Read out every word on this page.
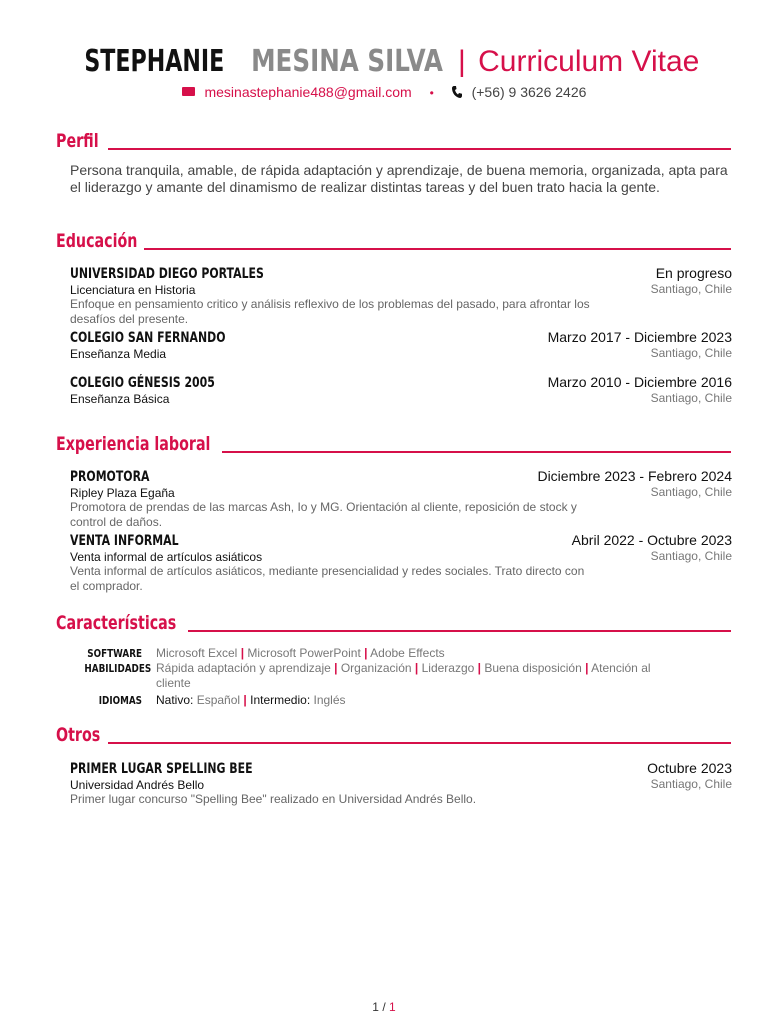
STEPHANIE MESINA SILVA | Curriculum Vitae
mesinastephanie488@gmail.com •	(+56) 9 3626 2426
Perfil
Persona tranquila, amable, de rápida adaptación y aprendizaje, de buena memoria, organizada, apta para el liderazgo y amante del dinamismo de realizar distintas tareas y del buen trato hacia la gente.
Educación
UNIVERSIDAD DIEGO PORTALES	En progreso
Licenciatura en Historia	Santiago, Chile
Enfoque en pensamiento critico y análisis reflexivo de los problemas del pasado, para afrontar los desafíos del presente.
COLEGIO SAN FERNANDO	Marzo 2017 - Diciembre 2023
Enseñanza Media	Santiago, Chile
COLEGIO GÉNESIS 2005	Marzo 2010 - Diciembre 2016
Enseñanza Básica	Santiago, Chile
Experiencia laboral
PROMOTORA	Diciembre 2023 - Febrero 2024
Ripley Plaza Egaña	Santiago, Chile
Promotora de prendas de las marcas Ash, Io y MG. Orientación al cliente, reposición de stock y control de daños.
VENTA INFORMAL	Abril 2022 - Octubre 2023
Venta informal de artículos asiáticos	Santiago, Chile
Venta informal de artículos asiáticos, mediante presencialidad y redes sociales. Trato directo con el comprador.
Características
SOFTWARE Microsoft Excel | Microsoft PowerPoint | Adobe Effects
HABILIDADES Rápida adaptación y aprendizaje | Organización | Liderazgo | Buena disposición | Atención al cliente
IDIOMAS Nativo: Español | Intermedio: Inglés
Otros
PRIMER LUGAR SPELLING BEE	Octubre 2023
Universidad Andrés Bello	Santiago, Chile
Primer lugar concurso "Spelling Bee" realizado en Universidad Andrés Bello.
1 / 1
